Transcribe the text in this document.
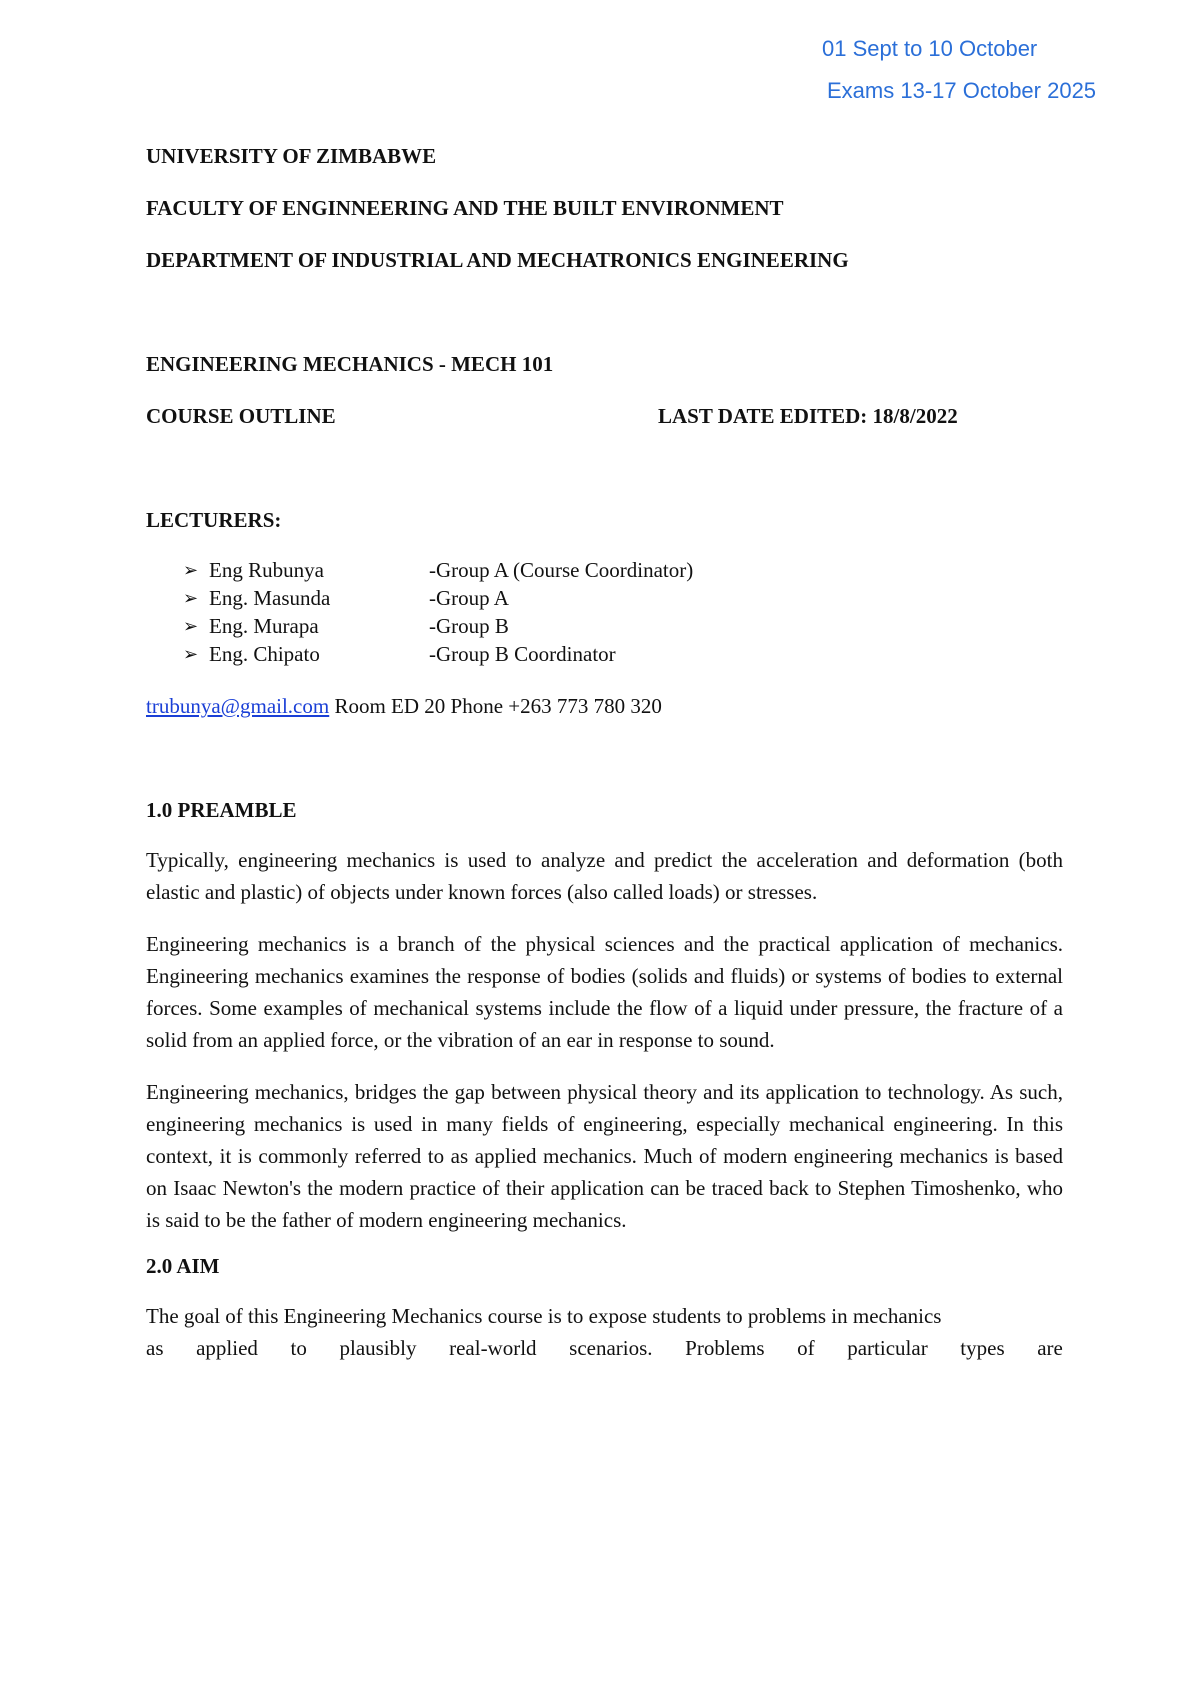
01 Sept to 10 October
Exams 13-17 October 2025
UNIVERSITY OF ZIMBABWE
FACULTY OF ENGINNEERING AND THE BUILT ENVIRONMENT
DEPARTMENT OF INDUSTRIAL AND MECHATRONICS ENGINEERING
ENGINEERING MECHANICS - MECH 101
COURSE OUTLINE	LAST DATE EDITED: 18/8/2022
LECTURERS:
➢ Eng Rubunya	-Group A (Course Coordinator)
➢ Eng. Masunda	-Group A
➢ Eng. Murapa	-Group B
➢ Eng. Chipato	-Group B Coordinator
trubunya@gmail.com Room ED 20 Phone +263 773 780 320
1.0 PREAMBLE

Typically, engineering mechanics is used to analyze and predict the acceleration and deformation (both elastic and plastic) of objects under known forces (also called loads) or stresses.

Engineering mechanics is a branch of the physical sciences and the practical application of mechanics. Engineering mechanics examines the response of bodies (solids and fluids) or systems of bodies to external forces. Some examples of mechanical systems include the flow of a liquid under pressure, the fracture of a solid from an applied force, or the vibration of an ear in response to sound.

Engineering mechanics, bridges the gap between physical theory and its application to technology. As such, engineering mechanics is used in many fields of engineering, especially mechanical engineering. In this context, it is commonly referred to as applied mechanics. Much of modern engineering mechanics is based on Isaac Newton's the modern practice of their application can be traced back to Stephen Timoshenko, who is said to be the father of modern engineering mechanics.

2.0 AIM
The goal of this Engineering Mechanics course is to expose students to problems in mechanics
as applied to plausibly real-world scenarios. Problems of particular types are
